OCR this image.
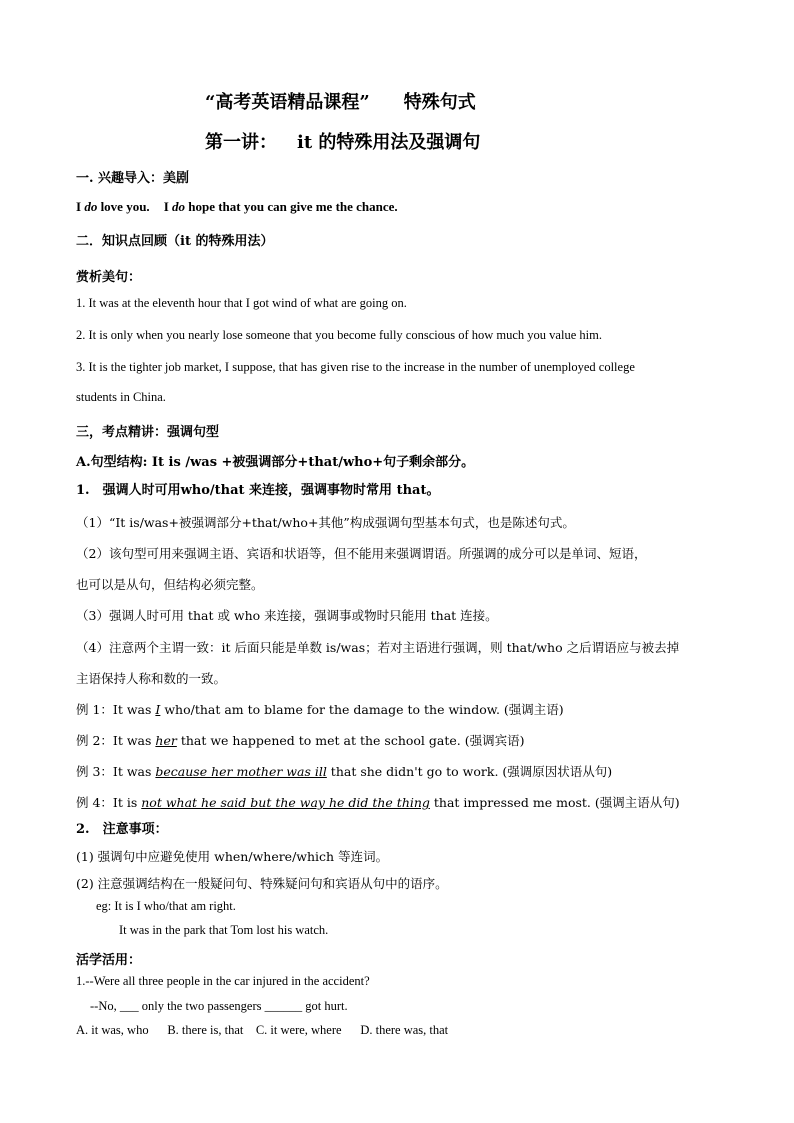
“高考英语精品课程” 特殊句式
第一讲： it 的特殊用法及强调句
一. 兴趣导入：美剧
I do love you. I do hope that you can give me the chance.
二．知识点回顾（it 的特殊用法）
赏析美句：
1. It was at the eleventh hour that I got wind of what are going on.
2. It is only when you nearly lose someone that you become fully conscious of how much you value him.
3. It is the tighter job market, I suppose, that has given rise to the increase in the number of unemployed college
students in China.
三，考点精讲：强调句型
A.句型结构: It is /was +被强调部分+that/who+句子剩余部分。
1.　强调人时可用who/that 来连接，强调事物时常用 that。
（1）“It is/was+被强调部分+that/who+其他”构成强调句型基本句式，也是陈述句式。
（2）该句型可用来强调主语、宾语和状语等，但不能用来强调谓语。所强调的成分可以是单词、短语，
也可以是从句，但结构必须完整。
（3）强调人时可用 that 或 who 来连接，强调事或物时只能用 that 连接。
（4）注意两个主谓一致：it 后面只能是单数 is/was；若对主语进行强调，则 that/who 之后谓语应与被去掉
主语保持人称和数的一致。
例 1：It was I who/that am to blame for the damage to the window. (强调主语)
例 2：It was her that we happened to met at the school gate. (强调宾语)
例 3：It was because her mother was ill that she didn't go to work. (强调原因状语从句)
例 4：It is not what he said but the way he did the thing that impressed me most. (强调主语从句)
2.　注意事项：
(1) 强调句中应避免使用 when/where/which 等连词。
(2) 注意强调结构在一般疑问句、特殊疑问句和宾语从句中的语序。
eg: It is I who/that am right.
It was in the park that Tom lost his watch.
活学活用：
1.--Were all three people in the car injured in the accident?
--No, ___ only the two passengers ______ got hurt.
A. it was, who      B. there is, that    C. it were, where      D. there was, that
